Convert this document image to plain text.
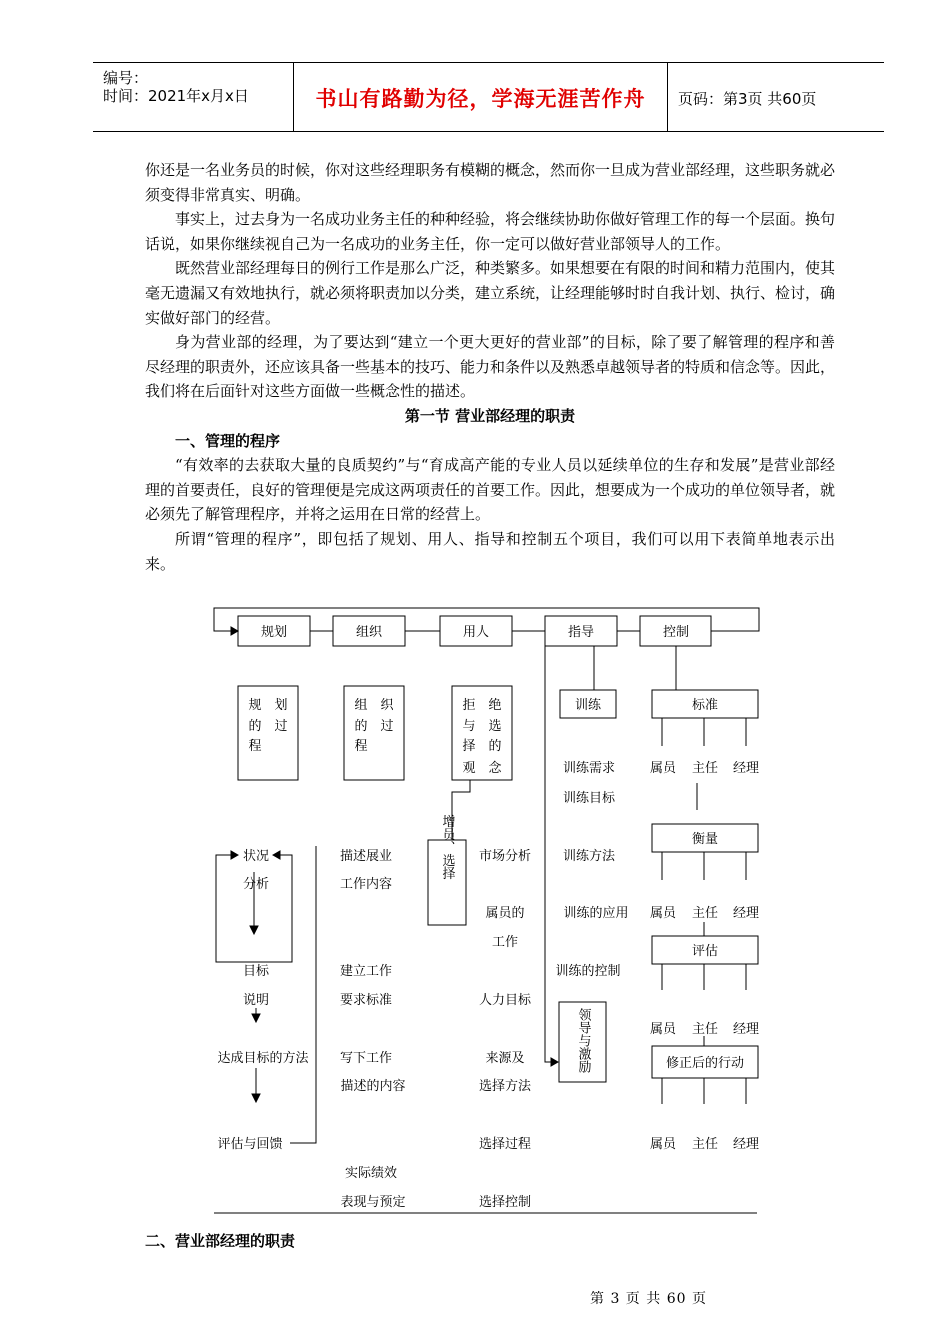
编号：
时间：2021年x月x日	书山有路勤为径，学海无涯苦作舟	页码：第3页 共60页

你还是一名业务员的时候，你对这些经理职务有模糊的概念，然而你一旦成为营业部经理，这些职务就必须变得非常真实、明确。

事实上，过去身为一名成功业务主任的种种经验，将会继续协助你做好管理工作的每一个层面。换句话说，如果你继续视自己为一名成功的业务主任，你一定可以做好营业部领导人的工作。

既然营业部经理每日的例行工作是那么广泛，种类繁多。如果想要在有限的时间和精力范围内，使其毫无遗漏又有效地执行，就必须将职责加以分类，建立系统，让经理能够时时自我计划、执行、检讨，确实做好部门的经营。

身为营业部的经理，为了要达到“建立一个更大更好的营业部”的目标，除了要了解管理的程序和善尽经理的职责外，还应该具备一些基本的技巧、能力和条件以及熟悉卓越领导者的特质和信念等。因此，我们将在后面针对这些方面做一些概念性的描述。

第一节 营业部经理的职责

一、管理的程序

“有效率的去获取大量的良质契约”与“育成高产能的专业人员以延续单位的生存和发展”是营业部经理的首要责任，良好的管理便是完成这两项责任的首要工作。因此，想要成为一个成功的单位领导者，就必须先了解管理程序，并将之运用在日常的经营上。

所谓“管理的程序”，即包括了规划、用人、指导和控制五个项目，我们可以用下表简单地表示出来。

规划	组织	用人	指导	控制
规 划
的 过
程
组 织
的 过
程
拒 绝
与 选
择 的
观 念
增员、选择
训练
领导与激励
标准
衡量
评估
修正后的行动
属员 主任 经理
属员 主任 经理
属员 主任 经理
属员 主任 经理
状况
分析
目标
说明
达成目标的方法
评估与回馈
描述展业
工作内容
建立工作
要求标准
写下工作
描述的内容
实际绩效
表现与预定
市场分析
属员的
工作
人力目标
来源及
选择方法
选择过程
选择控制
训练需求
训练目标
训练方法
训练的应用
训练的控制
二、营业部经理的职责
第 3 页 共 60 页
